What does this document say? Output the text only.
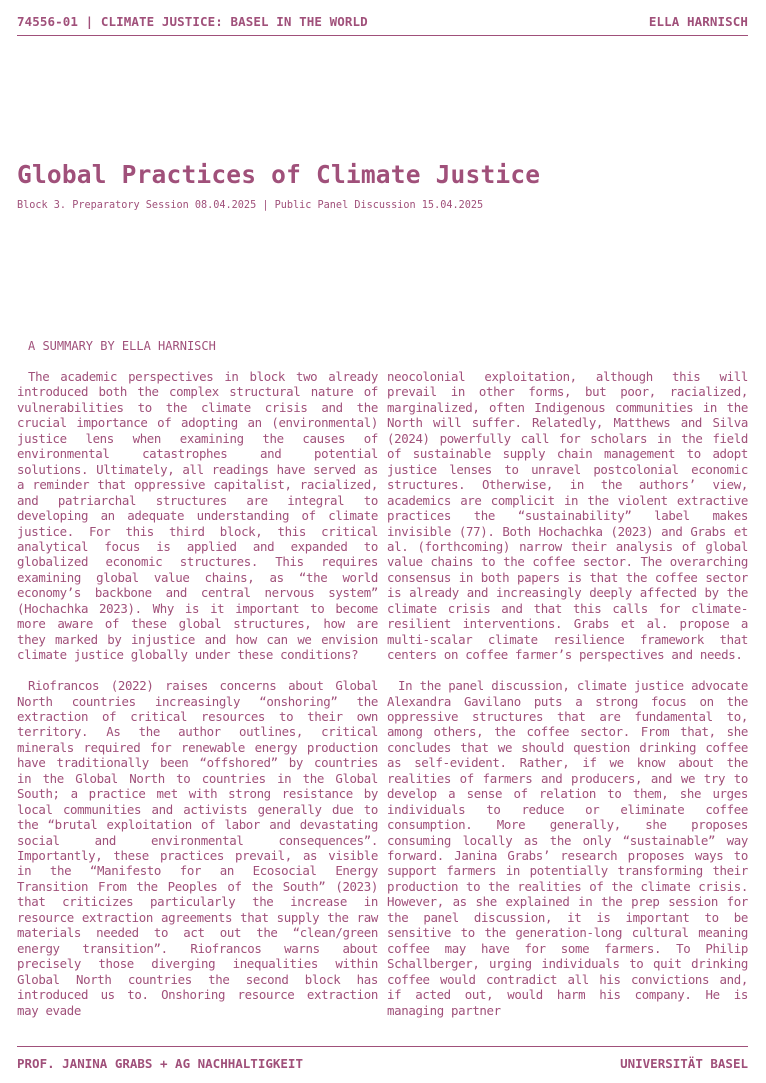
74556-01 | CLIMATE JUSTICE: BASEL IN THE WORLD	ELLA HARNISCH
Global Practices of Climate Justice
Block 3. Preparatory Session 08.04.2025 | Public Panel Discussion 15.04.2025
A SUMMARY BY ELLA HARNISCH

The academic perspectives in block two already introduced both the complex structural nature of vulnerabilities to the climate crisis and the crucial importance of adopting an (environmental) justice lens when examining the causes of environmental catastrophes and potential solutions. Ultimately, all readings have served as a reminder that oppressive capitalist, racialized, and patriarchal structures are integral to developing an adequate understanding of climate justice. For this third block, this critical analytical focus is applied and expanded to globalized economic structures. This requires examining global value chains, as “the world economy’s backbone and central nervous system” (Hochachka 2023). Why is it important to become more aware of these global structures, how are they marked by injustice and how can we envision climate justice globally under these conditions?

Riofrancos (2022) raises concerns about Global North countries increasingly “onshoring” the extraction of critical resources to their own territory. As the author outlines, critical minerals required for renewable energy production have traditionally been “offshored” by countries in the Global North to countries in the Global South; a practice met with strong resistance by local communities and activists generally due to the “brutal exploitation of labor and devastating social and environmental consequences”. Importantly, these practices prevail, as visible in the “Manifesto for an Ecosocial Energy Transition From the Peoples of the South” (2023) that criticizes particularly the increase in resource extraction agreements that supply the raw materials needed to act out the “clean/green energy transition”. Riofrancos warns about precisely those diverging inequalities within Global North countries the second block has introduced us to. Onshoring resource extraction may evade

neocolonial exploitation, although this will prevail in other forms, but poor, racialized, marginalized, often Indigenous communities in the North will suffer. Relatedly, Matthews and Silva (2024) powerfully call for scholars in the field of sustainable supply chain management to adopt justice lenses to unravel postcolonial economic structures. Otherwise, in the authors’ view, academics are complicit in the violent extractive practices the “sustainability” label makes invisible (77). Both Hochachka (2023) and Grabs et al. (forthcoming) narrow their analysis of global value chains to the coffee sector. The overarching consensus in both papers is that the coffee sector is already and increasingly deeply affected by the climate crisis and that this calls for climate-resilient interventions. Grabs et al. propose a multi-scalar climate resilience framework that centers on coffee farmer’s perspectives and needs.

In the panel discussion, climate justice advocate Alexandra Gavilano puts a strong focus on the oppressive structures that are fundamental to, among others, the coffee sector. From that, she concludes that we should question drinking coffee as self-evident. Rather, if we know about the realities of farmers and producers, and we try to develop a sense of relation to them, she urges individuals to reduce or eliminate coffee consumption. More generally, she proposes consuming locally as the only “sustainable” way forward. Janina Grabs’ research proposes ways to support farmers in potentially transforming their production to the realities of the climate crisis. However, as she explained in the prep session for the panel discussion, it is important to be sensitive to the generation-long cultural meaning coffee may have for some farmers. To Philip Schallberger, urging individuals to quit drinking coffee would contradict all his convictions and, if acted out, would harm his company. He is managing partner

PROF. JANINA GRABS + AG NACHHALTIGKEIT	UNIVERSITÄT BASEL
